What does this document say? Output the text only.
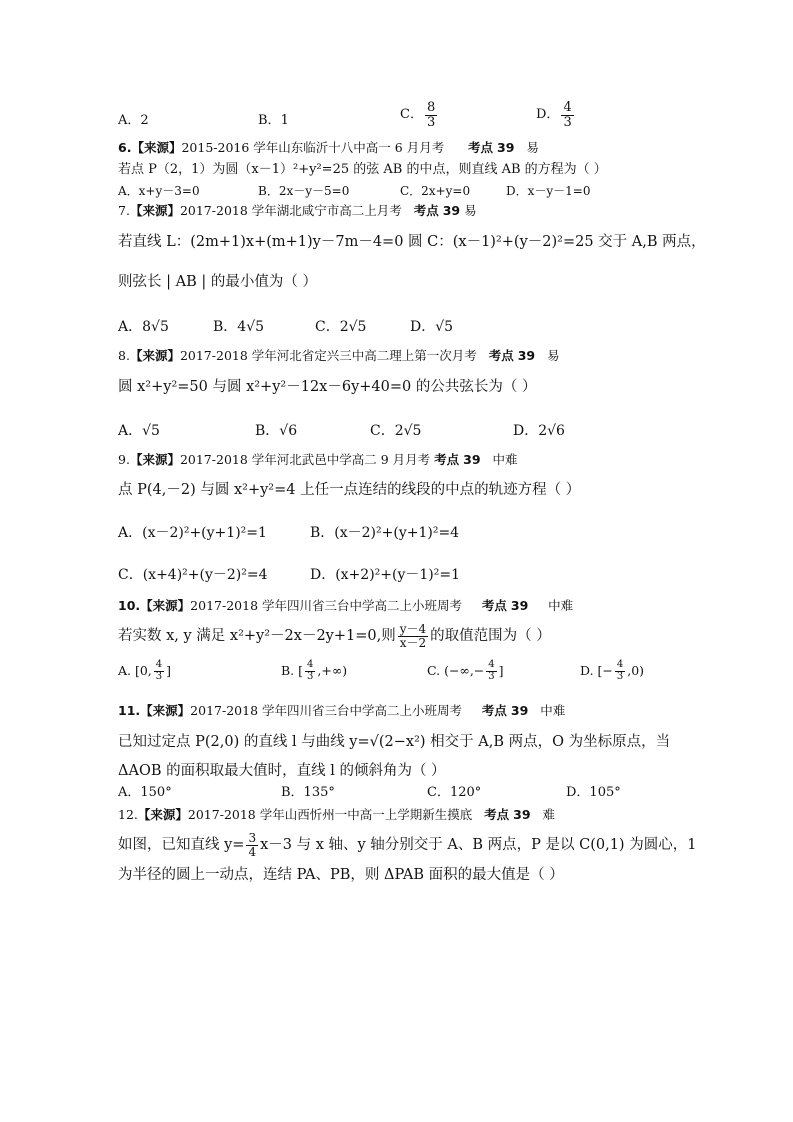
A．2	B．1	C． $\frac{8}{3}$	D． $\frac{4}{3}$
6.【来源】2015-2016 学年山东临沂十八中高一 6 月月考 考点 39 易
若点 P（2，1）为圆（x－1）²+y²=25 的弦 AB 的中点，则直线 AB 的方程为（ ）
A．x+y－3=0	B．2x－y－5=0	C．2x+y=0	D．x－y－1=0
7.【来源】2017-2018 学年湖北咸宁市高二上月考 考点 39 易
若直线 L：(2m+1)x+(m+1)y－7m－4=0 圆 C：(x－1)²+(y－2)²=25 交于 A,B 两点，
则弦长 | AB | 的最小值为（ ）
A．8√5	B．4√5	C．2√5	D．√5
8.【来源】2017-2018 学年河北省定兴三中高二理上第一次月考 考点 39 易
圆 x²+y²=50 与圆 x²+y²－12x－6y+40=0 的公共弦长为（ ）
A．√5	B．√6	C．2√5	D．2√6
9.【来源】2017-2018 学年河北武邑中学高二 9 月月考 考点 39 中难
点 P(4,－2) 与圆 x²+y²=4 上任一点连结的线段的中点的轨迹方程（ ）
A．(x－2)²+(y+1)²=1	B．(x－2)²+(y+1)²=4
C．(x+4)²+(y－2)²=4	D．(x+2)²+(y－1)²=1
10.【来源】2017-2018 学年四川省三台中学高二上小班周考 考点 39 中难
若实数 x, y 满足 x²+y²－2x－2y+1=0,则 $\frac{y-4}{x-2}$ 的取值范围为（ ）
A. [0, $\frac{4}{3}$ ]	B. [ $\frac{4}{3}$ ,+∞)	C. (−∞,− $\frac{4}{3}$ ]	D. [− $\frac{4}{3} ,0$)
11.【来源】2017-2018 学年四川省三台中学高二上小班周考 考点 39 中难
已知过定点 P(2,0) 的直线 l 与曲线 y=√(2−x²) 相交于 A,B 两点，O 为坐标原点，当
ΔAOB 的面积取最大值时，直线 l 的倾斜角为（ ）
A．150°	B．135°	C．120°	D．105°
12.【来源】2017-2018 学年山西忻州一中高一上学期新生摸底 考点 39 难
如图，已知直线 $y= \frac{3}{4} x-3$ 与 x 轴、y 轴分别交于 A、B 两点，P 是以 C(0,1) 为圆心，1
为半径的圆上一动点，连结 PA、PB，则 ΔPAB 面积的最大值是（ ）
